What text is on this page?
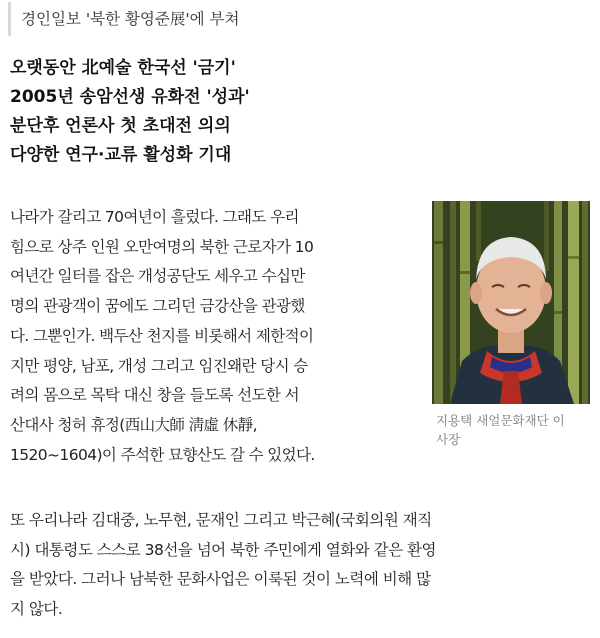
경인일보 '북한 황영준展'에 부쳐
오랫동안 北예술 한국선 '금기'
2005년 송암선생 유화전 '성과'
분단후 언론사 첫 초대전 의의
다양한 연구·교류 활성화 기대
나라가 갈리고 70여년이 흘렀다. 그래도 우리
힘으로 상주 인원 오만여명의 북한 근로자가 10
여년간 일터를 잡은 개성공단도 세우고 수십만
명의 관광객이 꿈에도 그리던 금강산을 관광했
다. 그뿐인가. 백두산 천지를 비롯해서 제한적이
지만 평양, 남포, 개성 그리고 임진왜란 당시 승
려의 몸으로 목탁 대신 창을 들도록 선도한 서
산대사 청허 휴정(西山大師 淸虛 休靜,
1520~1604)이 주석한 묘향산도 갈 수 있었다.
지용택 새얼문화재단 이
사장
또 우리나라 김대중, 노무현, 문재인 그리고 박근혜(국회의원 재직
시) 대통령도 스스로 38선을 넘어 북한 주민에게 열화와 같은 환영
을 받았다. 그러나 남북한 문화사업은 이룩된 것이 노력에 비해 많
지 않다.
